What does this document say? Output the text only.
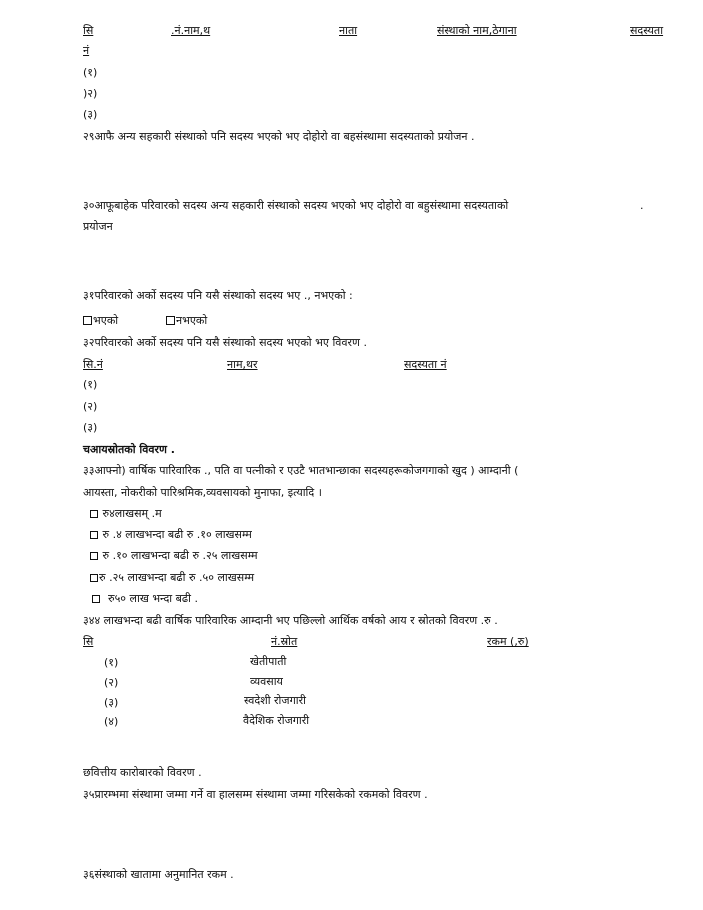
सि	.नं.नाम,थ	नाता	संस्थाको नाम,ठेगाना	सदस्यता
नं
(१)
)२)
(३)
२९आफै अन्य सहकारी संस्थाको पनि सदस्य भएको भए दोहोरो वा बहसंस्थामा सदस्यताको प्रयोजन .
३०आफूबाहेक परिवारको सदस्य अन्य सहकारी संस्थाको सदस्य भएको भए दोहोरो वा बहुसंस्थामा सदस्यताको	.
प्रयोजन
३१परिवारको अर्को सदस्य पनि यसै संस्थाको सदस्य भए ., नभएको :
भएको	नभएको
३२परिवारको अर्को सदस्य पनि यसै संस्थाको सदस्य भएको भए विवरण .
सि.नं	नाम,थर	सदस्यता नं
(१)
(२)
(३)
चआयस्रोतको विवरण .
३३आफ्नो) वार्षिक पारिवारिक ., पति वा पत्नीको र एउटै भातभान्छाका सदस्यहरूकोजगगाको खुद ) आम्दानी (
आयस्ता, नोकरीको पारिश्रमिक,व्यवसायको मुनाफा, इत्यादि ।
रु४लाखसम् .म
रु .४ लाखभन्दा बढी रु .१० लाखसम्म
रु .१० लाखभन्दा बढी रु .२५ लाखसम्म
रु .२५ लाखभन्दा बढी रु .५० लाखसम्म
रु५० लाख भन्दा बढी .
३४४ लाखभन्दा बढी वार्षिक पारिवारिक आम्दानी भए पछिल्लो आर्थिक वर्षको आय र स्रोतको विवरण .रु .
सि	नं.स्रोत	रकम (,रु)
(१)	खेतीपाती
(२)	व्यवसाय
(३)	स्वदेशी रोजगारी
(४)	वैदेशिक रोजगारी
छवित्तीय कारोबारको विवरण .
३५प्रारम्भमा संस्थामा जम्मा गर्ने वा हालसम्म संस्थामा जम्मा गरिसकेको रकमको विवरण .
३६संस्थाको खातामा अनुमानित रकम .
